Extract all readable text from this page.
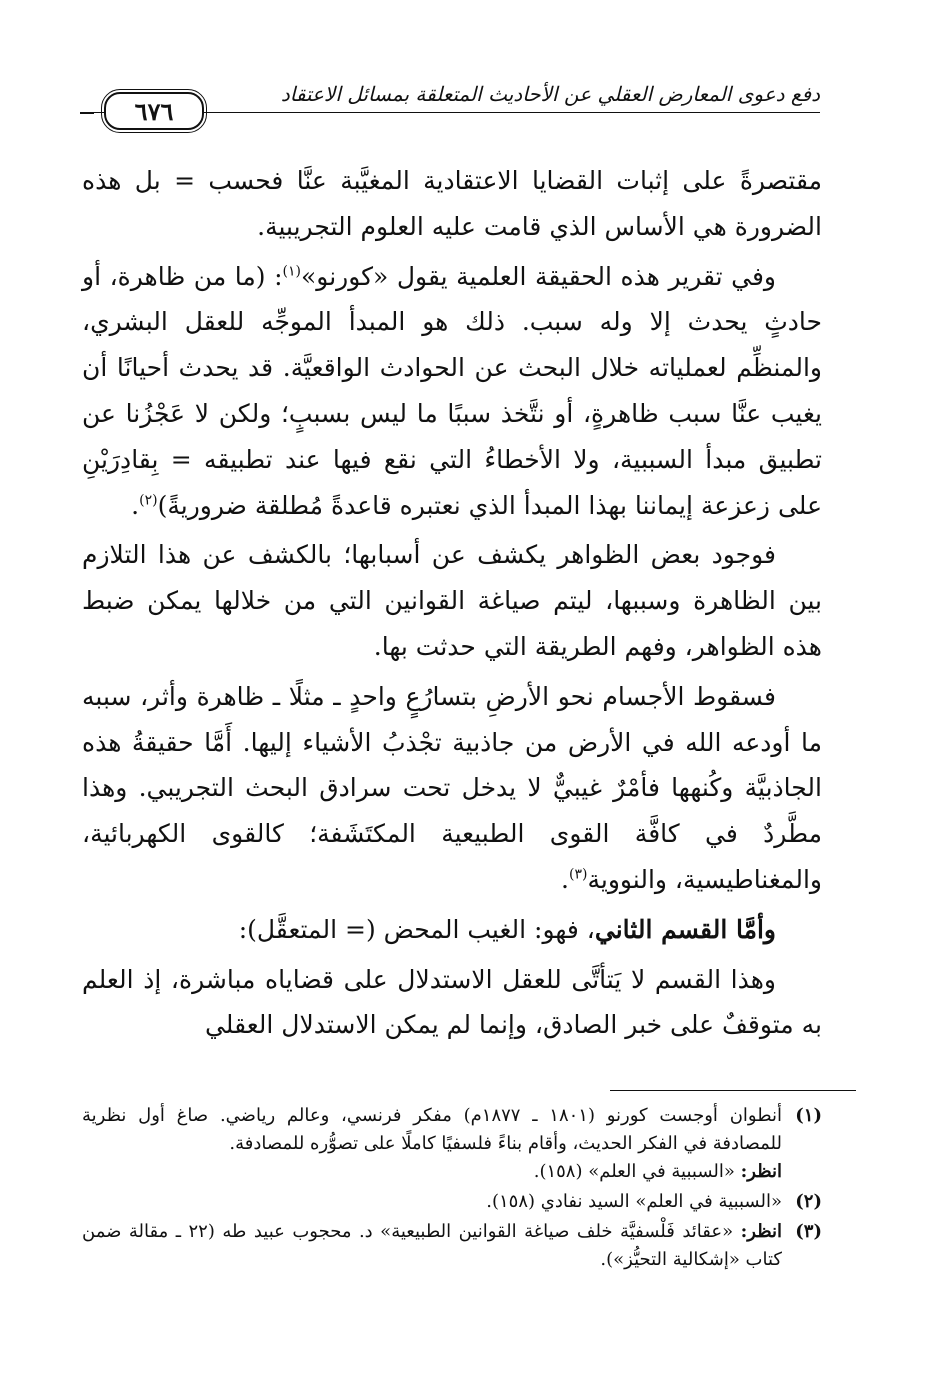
دفع دعوى المعارض العقلي عن الأحاديث المتعلقة بمسائل الاعتقاد
٦٧٦

مقتصرةً على إثبات القضايا الاعتقادية المغيَّبة عنَّا فحسب = بل هذه الضرورة هي الأساس الذي قامت عليه العلوم التجريبية.

وفي تقرير هذه الحقيقة العلمية يقول «كورنو»$^{(١)}$: (ما من ظاهرة، أو حادثٍ يحدث إلا وله سبب. ذلك هو المبدأ الموجِّه للعقل البشري، والمنظِّم لعملياته خلال البحث عن الحوادث الواقعيَّة. قد يحدث أحيانًا أن يغيب عنَّا سبب ظاهرةٍ، أو نتَّخذ سببًا ما ليس بسببٍ؛ ولكن لا عَجْزُنا عن تطبيق مبدأ السببية، ولا الأخطاءُ التي نقع فيها عند تطبيقه = بِقادِرَيْنِ على زعزعة إيماننا بهذا المبدأ الذي نعتبره قاعدةً مُطلقة ضروريةً)$^{(٢)}$.

فوجود بعض الظواهر يكشف عن أسبابها؛ بالكشف عن هذا التلازم بين الظاهرة وسببها، ليتم صياغة القوانين التي من خلالها يمكن ضبط هذه الظواهر، وفهم الطريقة التي حدثت بها.

فسقوط الأجسام نحو الأرضِ بتسارُعٍ واحدٍ ـ مثلًا ـ ظاهرة وأثر، سببه ما أودعه الله في الأرض من جاذبية تجْذبُ الأشياء إليها. أَمَّا حقيقةُ هذه الجاذبيَّة وكُنهها فأمْرٌ غيبيٌّ لا يدخل تحت سرادق البحث التجريبي. وهذا مطَّردٌ في كافَّة القوى الطبيعية المكتَشَفة؛ كالقوى الكهربائية، والمغناطيسية، والنووية$^{(٣)}$.

وأمَّا القسم الثاني، فهو: الغيب المحض (= المتعقَّل):

وهذا القسم لا يَتأتَّى للعقل الاستدلال على قضاياه مباشرة، إذ العلم به متوقفٌ على خبر الصادق، وإنما لم يمكن الاستدلال العقلي

(١)
أنطوان أوجست كورنو (١٨٠١ ـ ١٨٧٧م) مفكر فرنسي، وعالم رياضي. صاغ أول نظرية للمصادفة في الفكر الحديث، وأقام بناءً فلسفيًا كاملًا على تصوُّره للمصادفة.
انظر: «السببية في العلم» (١٥٨).
(٢)
«السببية في العلم» السيد نفادي (١٥٨).
(٣)
انظر: «عقائد فَلْسفيَّة خلف صياغة القوانين الطبيعية» د. محجوب عبيد طه (٢٢ ـ مقالة ضمن كتاب «إشكالية التحيُّز»).
